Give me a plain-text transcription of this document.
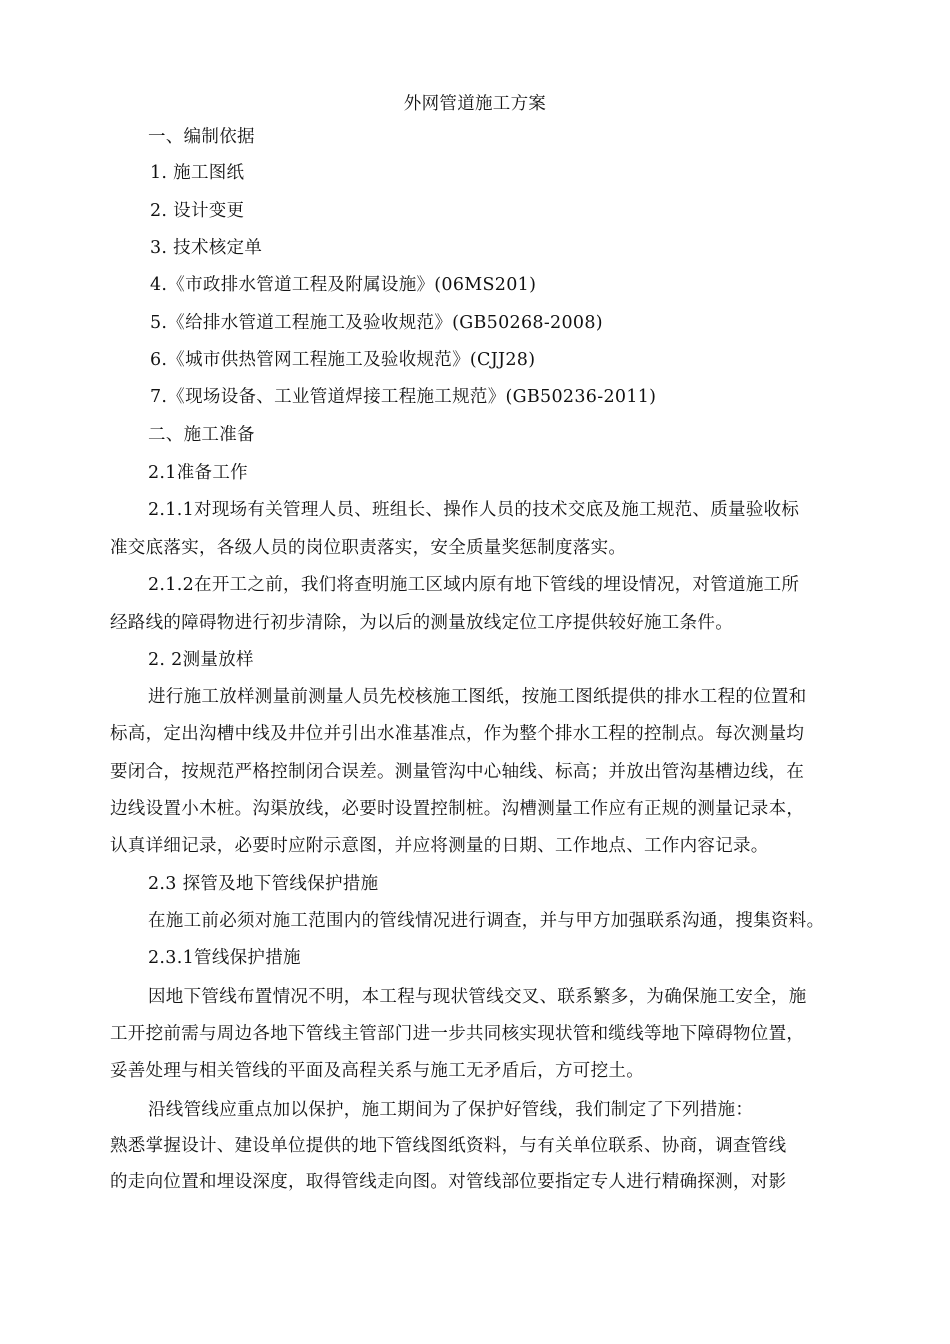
外网管道施工方案
一、编制依据
1. 施工图纸
2. 设计变更
3. 技术核定单
4.《市政排水管道工程及附属设施》(06MS201)
5.《给排水管道工程施工及验收规范》(GB50268-2008)
6.《城市供热管网工程施工及验收规范》(CJJ28)
7.《现场设备、工业管道焊接工程施工规范》(GB50236-2011)
二、施工准备
2.1准备工作
2.1.1对现场有关管理人员、班组长、操作人员的技术交底及施工规范、质量验收标
准交底落实，各级人员的岗位职责落实，安全质量奖惩制度落实。
2.1.2在开工之前，我们将查明施工区域内原有地下管线的埋设情况，对管道施工所
经路线的障碍物进行初步清除，为以后的测量放线定位工序提供较好施工条件。
2. 2测量放样
进行施工放样测量前测量人员先校核施工图纸，按施工图纸提供的排水工程的位置和
标高，定出沟槽中线及井位并引出水准基准点，作为整个排水工程的控制点。每次测量均
要闭合，按规范严格控制闭合误差。测量管沟中心轴线、标高；并放出管沟基槽边线，在
边线设置小木桩。沟渠放线，必要时设置控制桩。沟槽测量工作应有正规的测量记录本，
认真详细记录，必要时应附示意图，并应将测量的日期、工作地点、工作内容记录。
2.3 探管及地下管线保护措施
在施工前必须对施工范围内的管线情况进行调查，并与甲方加强联系沟通，搜集资料。
2.3.1管线保护措施
因地下管线布置情况不明，本工程与现状管线交叉、联系繁多，为确保施工安全，施
工开挖前需与周边各地下管线主管部门进一步共同核实现状管和缆线等地下障碍物位置，
妥善处理与相关管线的平面及高程关系与施工无矛盾后，方可挖土。
沿线管线应重点加以保护，施工期间为了保护好管线，我们制定了下列措施：
熟悉掌握设计、建设单位提供的地下管线图纸资料，与有关单位联系、协商，调查管线
的走向位置和埋设深度，取得管线走向图。对管线部位要指定专人进行精确探测，对影
